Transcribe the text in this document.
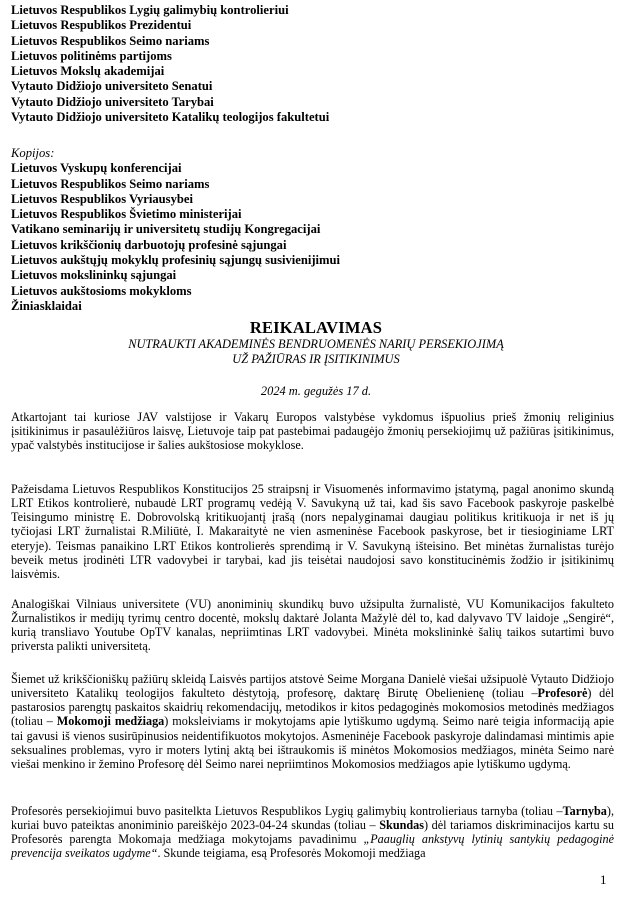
Lietuvos Respublikos Lygių galimybių kontrolieriui
Lietuvos Respublikos Prezidentui
Lietuvos Respublikos Seimo nariams
Lietuvos politinėms partijoms
Lietuvos Mokslų akademijai
Vytauto Didžiojo universiteto Senatui
Vytauto Didžiojo universiteto Tarybai
Vytauto Didžiojo universiteto Katalikų teologijos fakultetui
Kopijos:
Lietuvos Vyskupų konferencijai
Lietuvos Respublikos Seimo nariams
Lietuvos Respublikos Vyriausybei
Lietuvos Respublikos Švietimo ministerijai
Vatikano seminarijų ir universitetų studijų Kongregacijai
Lietuvos krikščionių darbuotojų profesinė sąjungai
Lietuvos aukštųjų mokyklų profesinių sąjungų susivienijimui
Lietuvos mokslininkų sąjungai
Lietuvos aukštosioms mokykloms
Žiniasklaidai
REIKALAVIMAS
NUTRAUKTI AKADEMINĖS BENDRUOMENĖS NARIŲ PERSEKIOJIMĄ
UŽ PAŽIŪRAS IR ĮSITIKINIMUS
2024 m. gegužės 17 d.

Atkartojant tai kuriose JAV valstijose ir Vakarų Europos valstybėse vykdomus išpuolius prieš žmonių religinius įsitikinimus ir pasaulėžiūros laisvę, Lietuvoje taip pat pastebimai padaugėjo žmonių persekiojimų už pažiūras įsitikinimus, ypač valstybės institucijose ir šalies aukštosiose mokyklose.

Pažeisdama Lietuvos Respublikos Konstitucijos 25 straipsnį ir Visuomenės informavimo įstatymą, pagal anonimo skundą LRT Etikos kontrolierė, nubaudė LRT programų vedėją V. Savukyną už tai, kad šis savo Facebook paskyroje paskelbė Teisingumo ministrę E. Dobrovolską kritikuojantį įrašą (nors nepalyginamai daugiau politikus kritikuoja ir net iš jų tyčiojasi LRT žurnalistai R.Miliūtė, I. Makaraitytė ne vien asmeninėse Facebook paskyrose, bet ir tiesioginiame LRT eteryje). Teismas panaikino LRT Etikos kontrolierės sprendimą ir V. Savukyną išteisino. Bet minėtas žurnalistas turėjo beveik metus įrodinėti LTR vadovybei ir tarybai, kad jis teisėtai naudojosi savo konstitucinėmis žodžio ir įsitikinimų laisvėmis.

Analogiškai Vilniaus universitete (VU) anoniminių skundikų buvo užsipulta žurnalistė, VU Komunikacijos fakulteto Žurnalistikos ir medijų tyrimų centro docentė, mokslų daktarė Jolanta Mažylė dėl to, kad dalyvavo TV laidoje „Sengirė“, kurią transliavo Youtube OpTV kanalas, nepriimtinas LRT vadovybei. Minėta mokslininkė šalių taikos sutartimi buvo priversta palikti universitetą.

Šiemet už krikščioniškų pažiūrų skleidą Laisvės partijos atstovė Seime Morgana Danielė viešai užsipuolė Vytauto Didžiojo universiteto Katalikų teologijos fakulteto dėstytoją, profesorę, daktarę Birutę Obelienienę (toliau –Profesorė) dėl pastarosios parengtų paskaitos skaidrių rekomendacijų, metodikos ir kitos pedagoginės mokomosios metodinės medžiagos (toliau – Mokomoji medžiaga) moksleiviams ir mokytojams apie lytiškumo ugdymą. Seimo narė teigia informaciją apie tai gavusi iš vienos susirūpinusios neidentifikuotos mokytojos. Asmeninėje Facebook paskyroje dalindamasi mintimis apie seksualines problemas, vyro ir moters lytinį aktą bei ištraukomis iš minėtos Mokomosios medžiagos, minėta Seimo narė viešai menkino ir žemino Profesorę dėl Seimo narei nepriimtinos Mokomosios medžiagos apie lytiškumo ugdymą.

Profesorės persekiojimui buvo pasitelkta Lietuvos Respublikos Lygių galimybių kontrolieriaus tarnyba (toliau –Tarnyba), kuriai buvo pateiktas anoniminio pareiškėjo 2023-04-24 skundas (toliau – Skundas) dėl tariamos diskriminacijos kartu su Profesorės parengta Mokomaja medžiaga mokytojams pavadinimu „Paauglių ankstyvų lytinių santykių pedagoginė prevencija sveikatos ugdyme“. Skunde teigiama, esą Profesorės Mokomoji medžiaga

1
